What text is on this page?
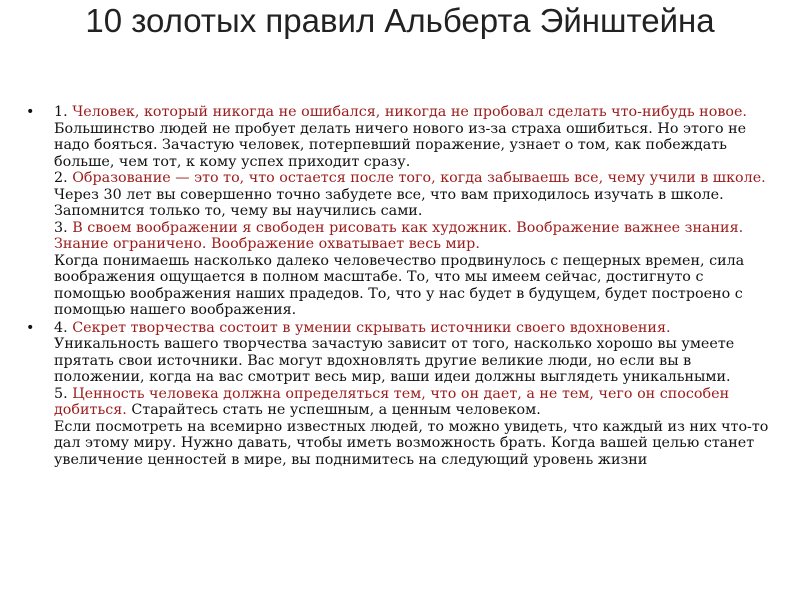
10 золотых правил Альберта Эйнштейна
• 1. Человек, который никогда не ошибался, никогда не пробовал сделать что-нибудь новое.
Большинство людей не пробует делать ничего нового из-за страха ошибиться. Но этого не надо бояться. Зачастую человек, потерпевший поражение, узнает о том, как побеждать больше, чем тот, к кому успех приходит сразу.
2. Образование — это то, что остается после того, когда забываешь все, чему учили в школе.
Через 30 лет вы совершенно точно забудете все, что вам приходилось изучать в школе. Запомнится только то, чему вы научились сами.
3. В своем воображении я свободен рисовать как художник. Воображение важнее знания. Знание ограничено. Воображение охватывает весь мир.
Когда понимаешь насколько далеко человечество продвинулось с пещерных времен, сила воображения ощущается в полном масштабе. То, что мы имеем сейчас, достигнуто с помощью воображения наших прадедов. То, что у нас будет в будущем, будет построено с помощью нашего воображения.
• 4. Секрет творчества состоит в умении скрывать источники своего вдохновения.
Уникальность вашего творчества зачастую зависит от того, насколько хорошо вы умеете прятать свои источники. Вас могут вдохновлять другие великие люди, но если вы в положении, когда на вас смотрит весь мир, ваши идеи должны выглядеть уникальными.
5. Ценность человека должна определяться тем, что он дает, а не тем, чего он способен добиться. Старайтесь стать не успешным, а ценным человеком.
Если посмотреть на всемирно известных людей, то можно увидеть, что каждый из них что-то дал этому миру. Нужно давать, чтобы иметь возможность брать. Когда вашей целью станет увеличение ценностей в мире, вы поднимитесь на следующий уровень жизни
